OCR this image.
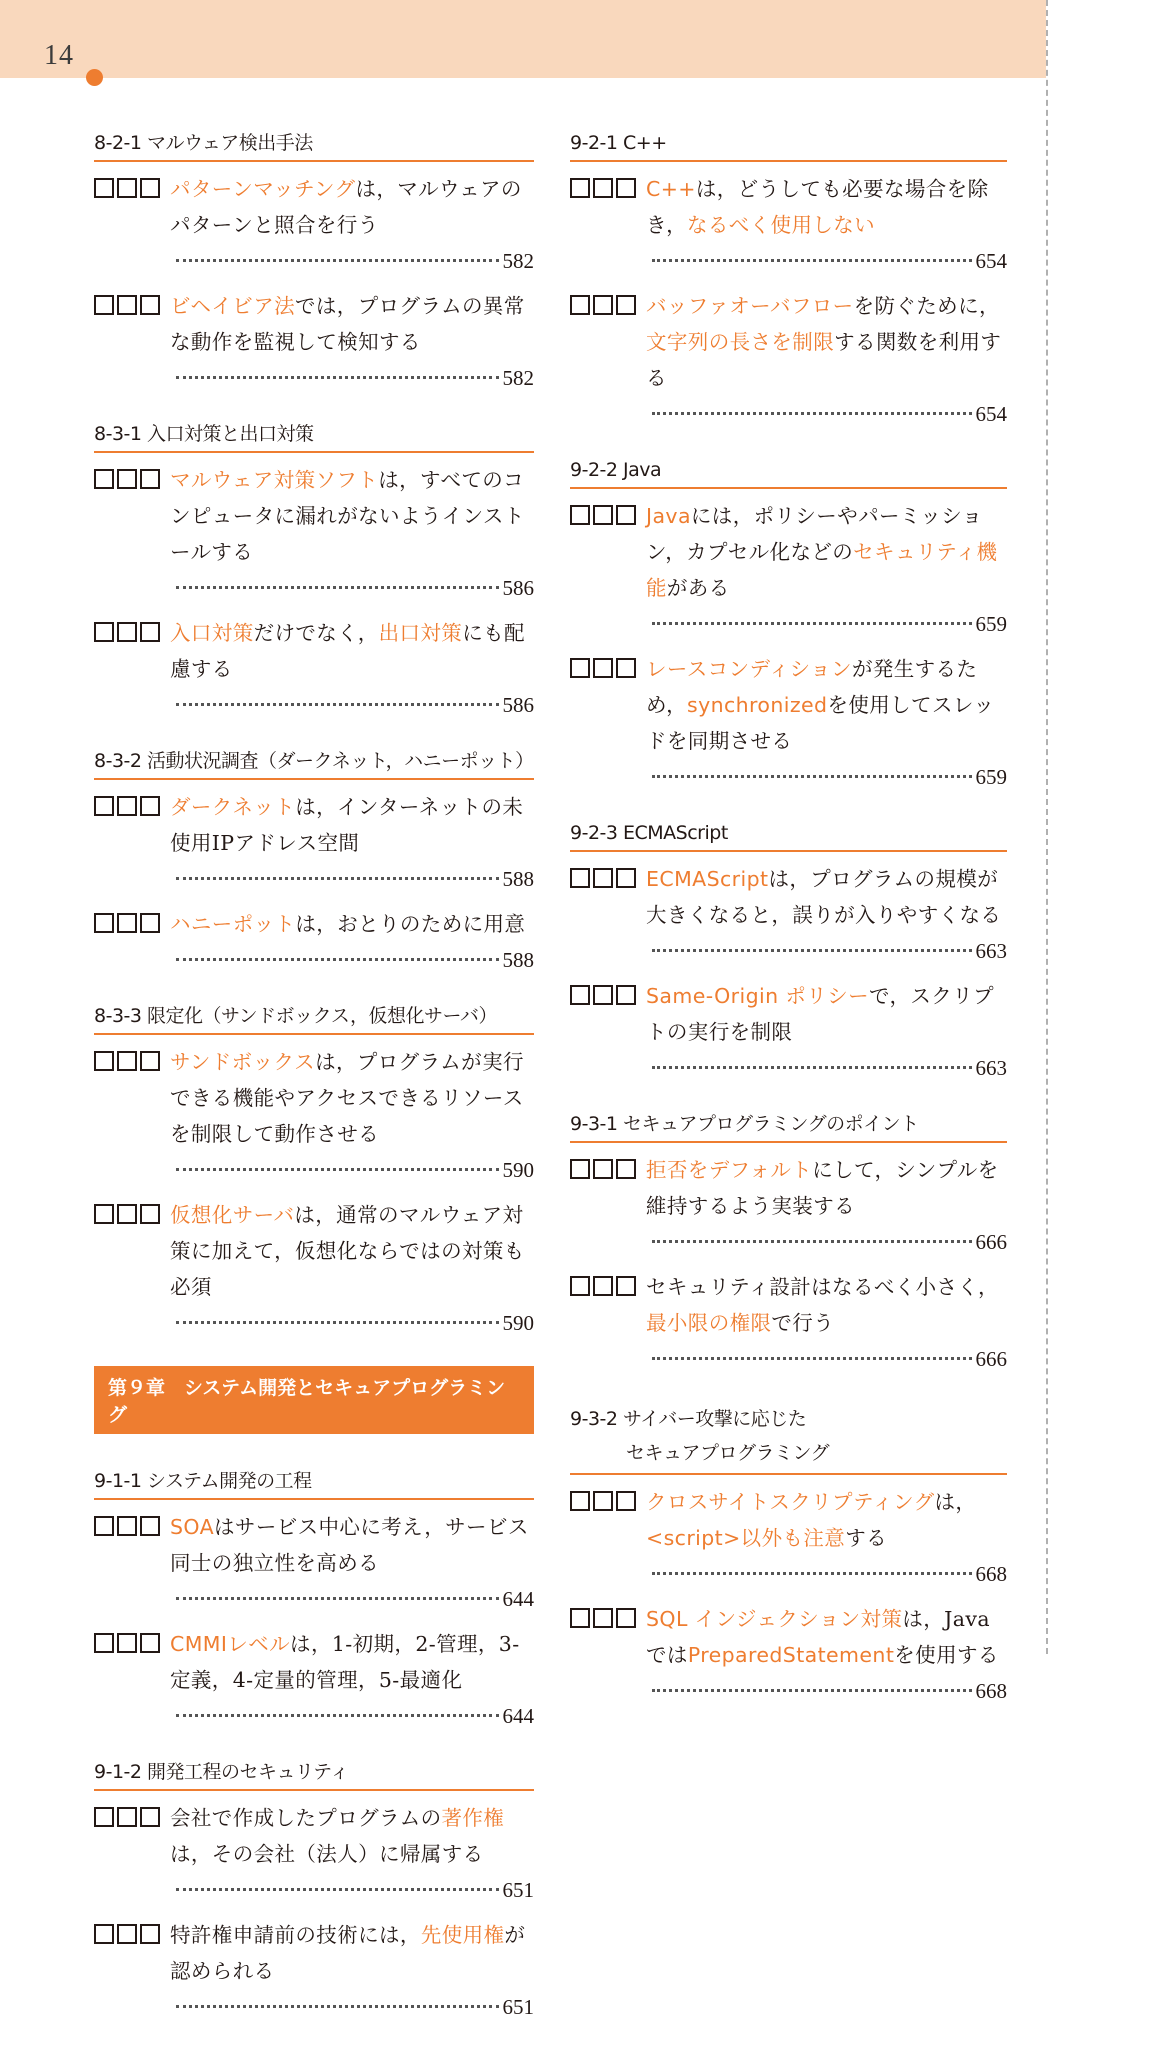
14
8-2-1 マルウェア検出手法
パターンマッチングは，マルウェアのパターンと照合を行う
582
ビヘイビア法では，プログラムの異常な動作を監視して検知する
582
8-3-1 入口対策と出口対策
マルウェア対策ソフトは，すべてのコンピュータに漏れがないようインストールする
586
入口対策だけでなく，出口対策にも配慮する
586
8-3-2 活動状況調査（ダークネット，ハニーポット）
ダークネットは，インターネットの未使用IPアドレス空間
588
ハニーポットは，おとりのために用意
588
8-3-3 限定化（サンドボックス，仮想化サーバ）
サンドボックスは，プログラムが実行できる機能やアクセスできるリソースを制限して動作させる
590
仮想化サーバは，通常のマルウェア対策に加えて，仮想化ならではの対策も必須
590
第９章　システム開発とセキュアプログラミング
9-1-1 システム開発の工程
SOAはサービス中心に考え，サービス同士の独立性を高める
644
CMMIレベルは，1-初期，2-管理，3-定義，4-定量的管理，5-最適化
644
9-1-2 開発工程のセキュリティ
会社で作成したプログラムの著作権は，その会社（法人）に帰属する
651
特許権申請前の技術には，先使用権が認められる
651
9-2-1 C++
C++は，どうしても必要な場合を除き，なるべく使用しない
654
バッファオーバフローを防ぐために，文字列の長さを制限する関数を利用する
654
9-2-2 Java
Javaには，ポリシーやパーミッション，カプセル化などのセキュリティ機能がある
659
レースコンディションが発生するため，synchronizedを使用してスレッドを同期させる
659
9-2-3 ECMAScript
ECMAScriptは，プログラムの規模が大きくなると，誤りが入りやすくなる
663
Same-Origin ポリシーで，スクリプトの実行を制限
663
9-3-1 セキュアプログラミングのポイント
拒否をデフォルトにして，シンプルを維持するよう実装する
666
セキュリティ設計はなるべく小さく，最小限の権限で行う
666
9-3-2 サイバー攻撃に応じた
セキュアプログラミング
クロスサイトスクリプティングは，<script>以外も注意する
668
SQL インジェクション対策は，JavaではPreparedStatementを使用する
668
